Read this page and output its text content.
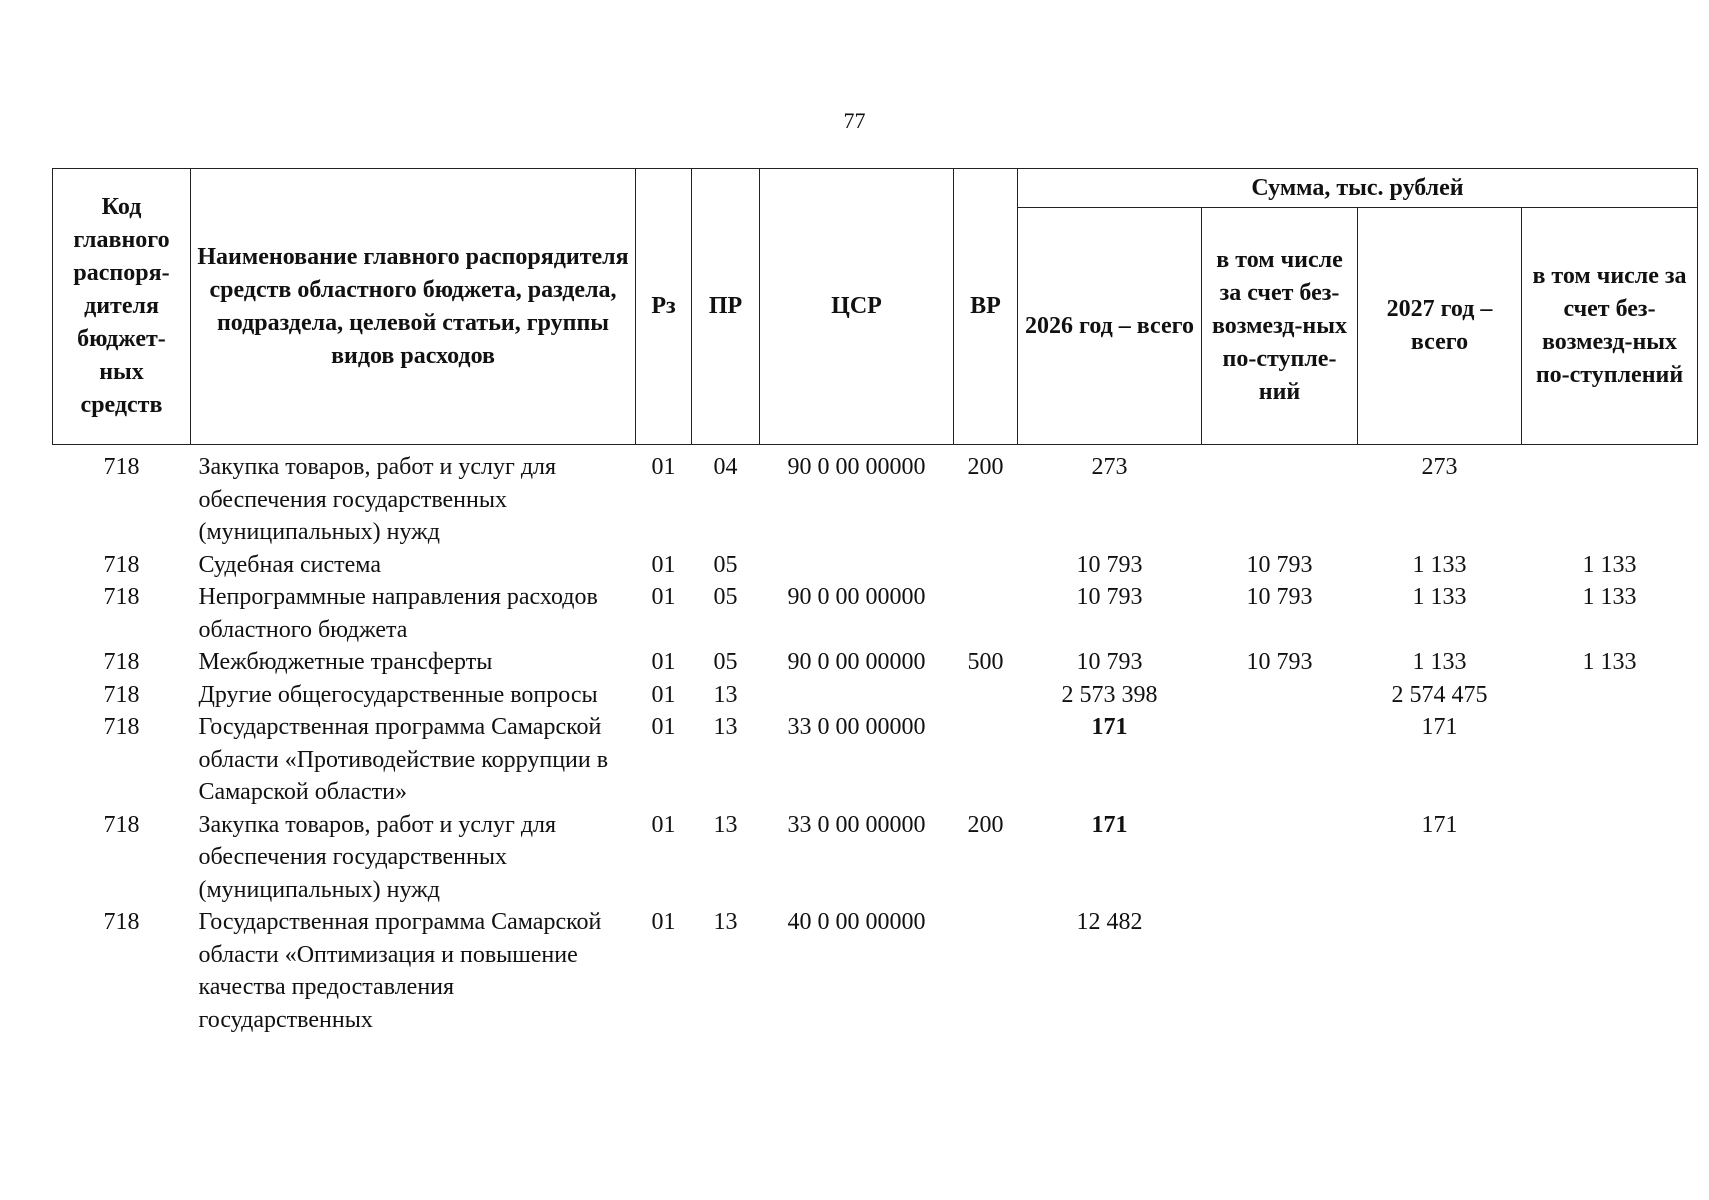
77
Код главного распоря-дителя бюджет-ных средств	Наименование главного распорядителя средств областного бюджета, раздела, подраздела, целевой статьи, группы видов расходов	Рз	ПР	ЦСР	ВР	Сумма, тыс. рублей			
						2026 год – всего	в том числе за счет без-возмезд-ных по-ступле-ний	2027 год – всего	в том числе за счет без-возмезд-ных по-ступлений
718	Закупка товаров, работ и услуг для обеспечения государственных (муниципальных) нужд	01	04	90 0 00 00000	200	273		273	
718	Судебная система	01	05			10 793	10 793	1 133	1 133
718	Непрограммные направления расходов областного бюджета	01	05	90 0 00 00000		10 793	10 793	1 133	1 133
718	Межбюджетные трансферты	01	05	90 0 00 00000	500	10 793	10 793	1 133	1 133
718	Другие общегосударственные вопросы	01	13			2 573 398		2 574 475	
718	Государственная программа Самарской области «Противодействие коррупции в Самарской области»	01	13	33 0 00 00000		171		171	
718	Закупка товаров, работ и услуг для обеспечения государственных (муниципальных) нужд	01	13	33 0 00 00000	200	171		171	
718	Государственная программа Самарской области «Оптимизация и повышение качества предоставления государственных	01	13	40 0 00 00000		12 482			
